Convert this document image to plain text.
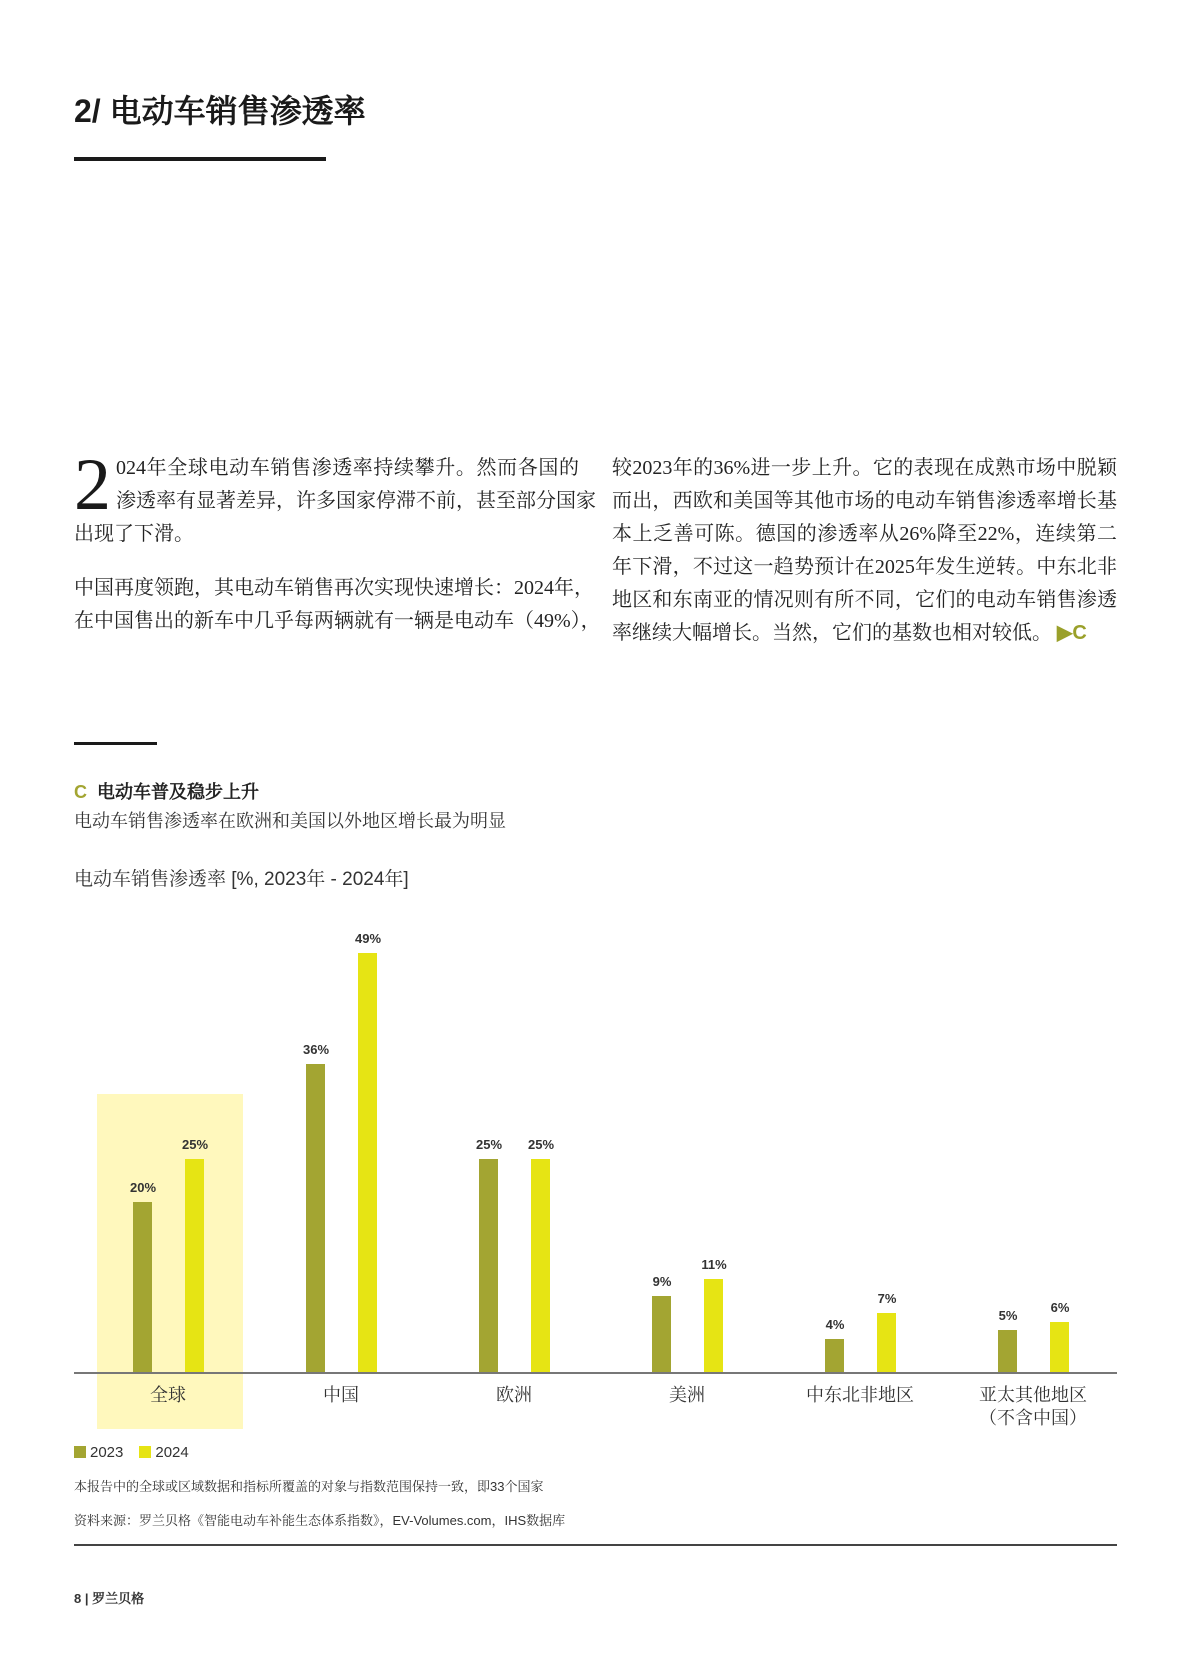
2/ 电动车销售渗透率
2 024年全球电动车销售渗透率持续攀升。然而各国的
渗透率有显著差异，许多国家停滞不前，甚至部分国家
出现了下滑。
中国再度领跑，其电动车销售再次实现快速增长：2024年，
在中国售出的新车中几乎每两辆就有一辆是电动车（49%），
较2023年的36%进一步上升。它的表现在成熟市场中脱颖
而出，西欧和美国等其他市场的电动车销售渗透率增长基
本上乏善可陈。德国的渗透率从26%降至22%，连续第二
年下滑，不过这一趋势预计在2025年发生逆转。中东北非
地区和东南亚的情况则有所不同，它们的电动车销售渗透
率继续大幅增长。当然，它们的基数也相对较低。 ▶C
C 电动车普及稳步上升
电动车销售渗透率在欧洲和美国以外地区增长最为明显
电动车销售渗透率 [%, 2023年 - 2024年]
20%
25%
全球
36%
49%
中国
25%	25%
欧洲
9%
11%
美洲
4%
7%
中东北非地区
5%
6%
亚太其他地区
（不含中国）
2023	2024
本报告中的全球或区域数据和指标所覆盖的对象与指数范围保持一致，即33个国家
资料来源：罗兰贝格《智能电动车补能生态体系指数》，EV-Volumes.com，IHS数据库
8 | 罗兰贝格
